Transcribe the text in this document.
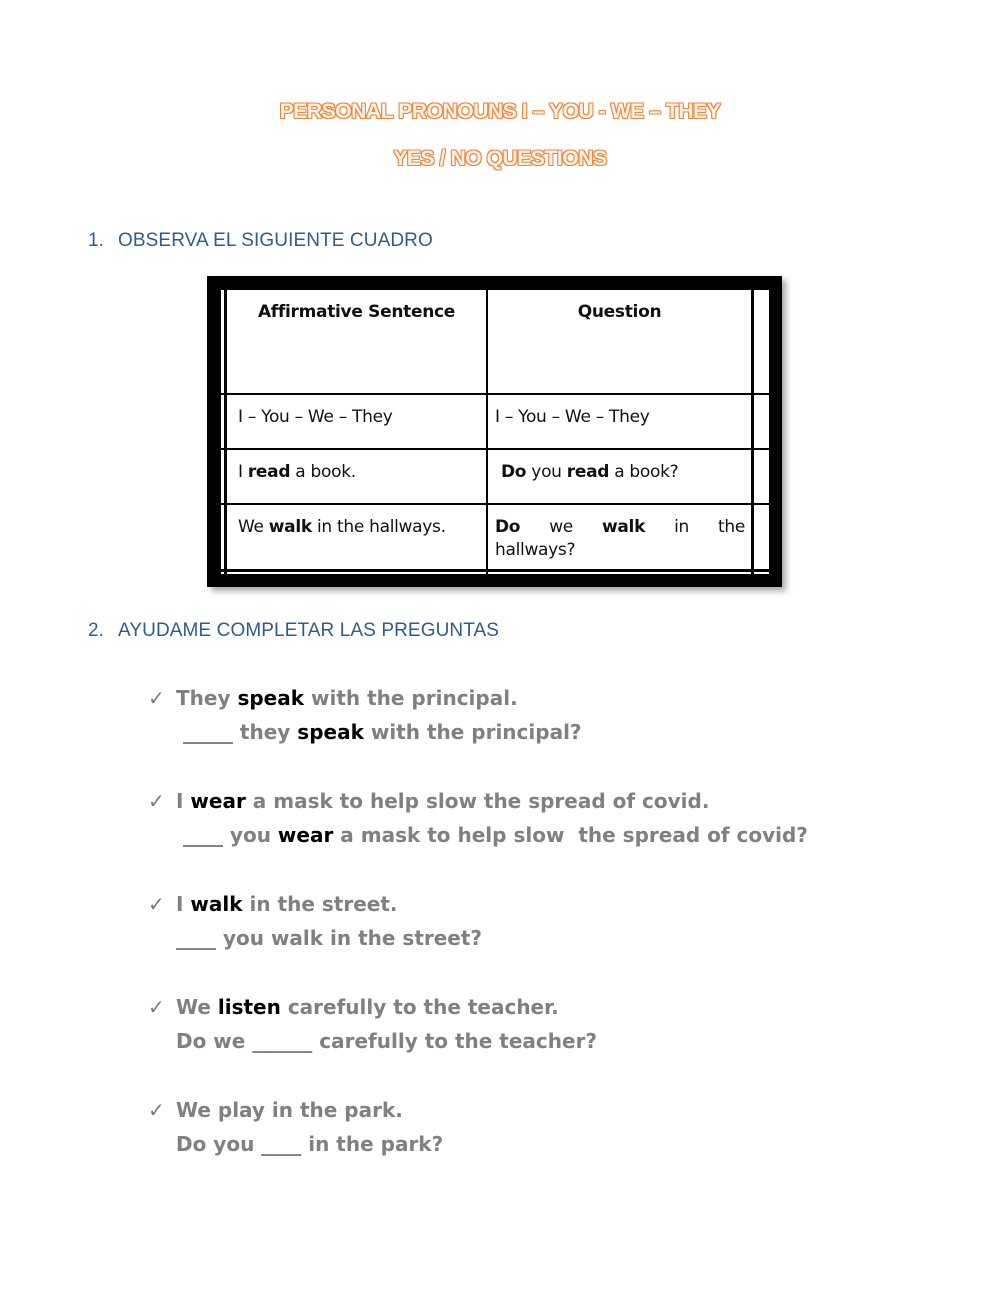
PERSONAL PRONOUNS I – YOU - WE – THEY
YES / NO QUESTIONS
1. OBSERVA EL SIGUIENTE CUADRO
Affirmative Sentence	Question
I – You – We – They	I – You – We – They
I read a book.	Do you read a book?
We walk in the hallways.	Do we walk in the
hallways?
2. AYUDAME COMPLETAR LAS PREGUNTAS
✓ They speak with the principal.
_____ they speak with the principal?
✓ I wear a mask to help slow the spread of covid.
____ you wear a mask to help slow  the spread of covid?
✓ I walk in the street.
____ you walk in the street?
✓ We listen carefully to the teacher.
Do we ______ carefully to the teacher?
✓ We play in the park.
Do you ____ in the park?
